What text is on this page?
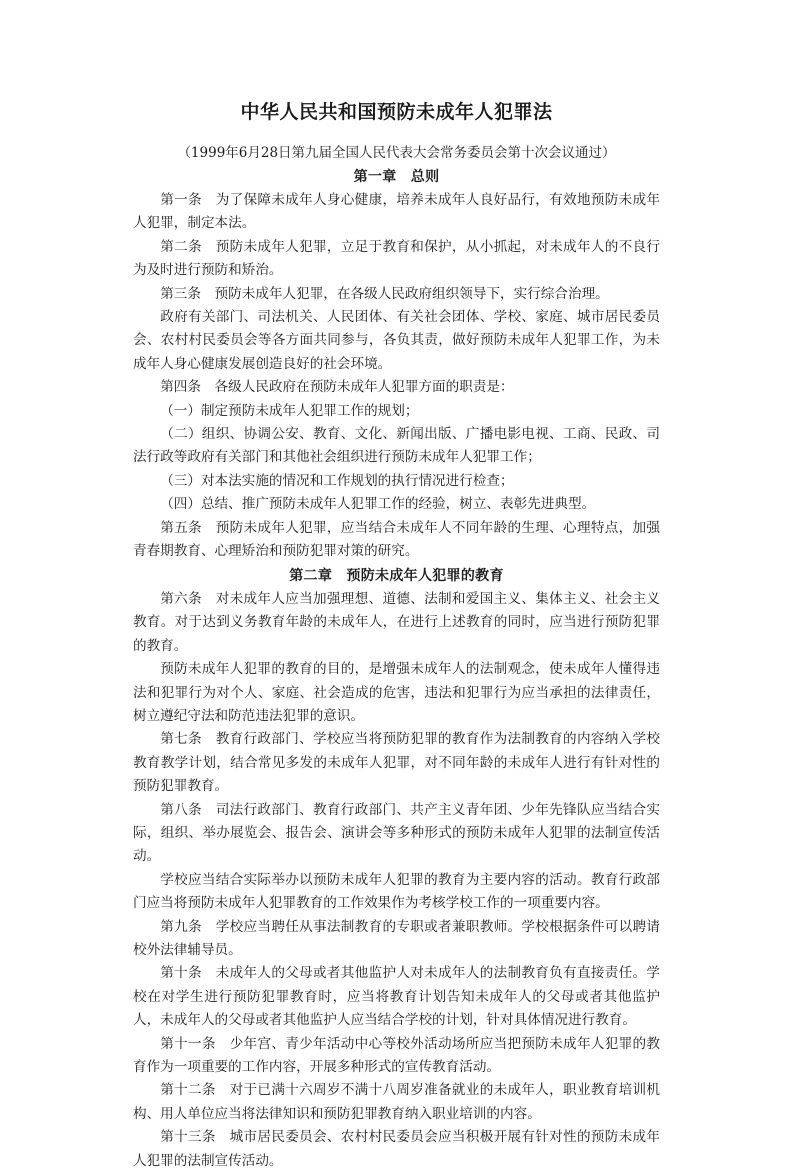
中华人民共和国预防未成年人犯罪法
（1999年6月28日第九届全国人民代表大会常务委员会第十次会议通过）
第一章　总则

第一条　为了保障未成年人身心健康，培养未成年人良好品行，有效地预防未成年人犯罪，制定本法。

第二条　预防未成年人犯罪，立足于教育和保护，从小抓起，对未成年人的不良行为及时进行预防和矫治。

第三条　预防未成年人犯罪，在各级人民政府组织领导下，实行综合治理。

政府有关部门、司法机关、人民团体、有关社会团体、学校、家庭、城市居民委员会、农村村民委员会等各方面共同参与，各负其责，做好预防未成年人犯罪工作，为未成年人身心健康发展创造良好的社会环境。

第四条　各级人民政府在预防未成年人犯罪方面的职责是：

（一）制定预防未成年人犯罪工作的规划；

（二）组织、协调公安、教育、文化、新闻出版、广播电影电视、工商、民政、司法行政等政府有关部门和其他社会组织进行预防未成年人犯罪工作；

（三）对本法实施的情况和工作规划的执行情况进行检查；

（四）总结、推广预防未成年人犯罪工作的经验，树立、表彰先进典型。

第五条　预防未成年人犯罪，应当结合未成年人不同年龄的生理、心理特点，加强青春期教育、心理矫治和预防犯罪对策的研究。

第二章　预防未成年人犯罪的教育

第六条　对未成年人应当加强理想、道德、法制和爱国主义、集体主义、社会主义教育。对于达到义务教育年龄的未成年人，在进行上述教育的同时，应当进行预防犯罪的教育。

预防未成年人犯罪的教育的目的，是增强未成年人的法制观念，使未成年人懂得违法和犯罪行为对个人、家庭、社会造成的危害，违法和犯罪行为应当承担的法律责任，树立遵纪守法和防范违法犯罪的意识。

第七条　教育行政部门、学校应当将预防犯罪的教育作为法制教育的内容纳入学校教育教学计划，结合常见多发的未成年人犯罪，对不同年龄的未成年人进行有针对性的预防犯罪教育。

第八条　司法行政部门、教育行政部门、共产主义青年团、少年先锋队应当结合实际，组织、举办展览会、报告会、演讲会等多种形式的预防未成年人犯罪的法制宣传活动。

学校应当结合实际举办以预防未成年人犯罪的教育为主要内容的活动。教育行政部门应当将预防未成年人犯罪教育的工作效果作为考核学校工作的一项重要内容。

第九条　学校应当聘任从事法制教育的专职或者兼职教师。学校根据条件可以聘请校外法律辅导员。

第十条　未成年人的父母或者其他监护人对未成年人的法制教育负有直接责任。学校在对学生进行预防犯罪教育时，应当将教育计划告知未成年人的父母或者其他监护人，未成年人的父母或者其他监护人应当结合学校的计划，针对具体情况进行教育。

第十一条　少年宫、青少年活动中心等校外活动场所应当把预防未成年人犯罪的教育作为一项重要的工作内容，开展多种形式的宣传教育活动。

第十二条　对于已满十六周岁不满十八周岁准备就业的未成年人，职业教育培训机构、用人单位应当将法律知识和预防犯罪教育纳入职业培训的内容。

第十三条　城市居民委员会、农村村民委员会应当积极开展有针对性的预防未成年人犯罪的法制宣传活动。
